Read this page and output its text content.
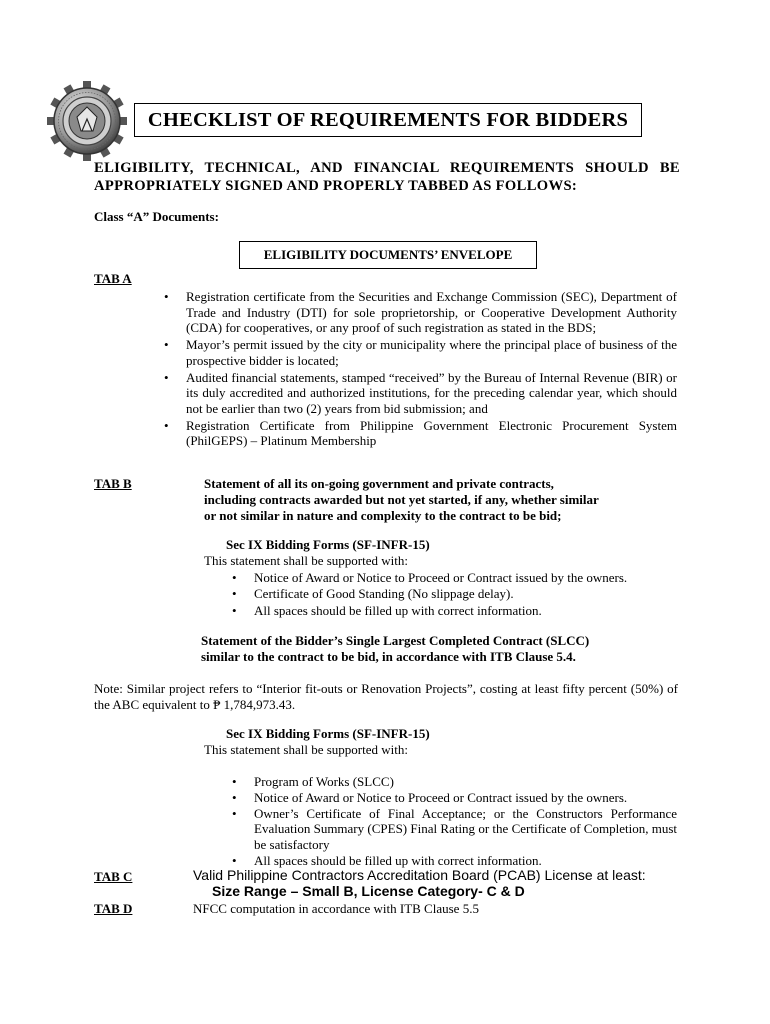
CHECKLIST OF REQUIREMENTS FOR BIDDERS
ELIGIBILITY, TECHNICAL, AND FINANCIAL REQUIREMENTS SHOULD BE APPROPRIATELY SIGNED AND PROPERLY TABBED AS FOLLOWS:
Class “A” Documents:
ELIGIBILITY DOCUMENTS’ ENVELOPE
TAB A
• Registration certificate from the Securities and Exchange Commission (SEC), Department of Trade and Industry (DTI) for sole proprietorship, or Cooperative Development Authority (CDA) for cooperatives, or any proof of such registration as stated in the BDS;
• Mayor’s permit issued by the city or municipality where the principal place of business of the prospective bidder is located;
• Audited financial statements, stamped “received” by the Bureau of Internal Revenue (BIR) or its duly accredited and authorized institutions, for the preceding calendar year, which should not be earlier than two (2) years from bid submission; and
• Registration Certificate from Philippine Government Electronic Procurement System (PhilGEPS) – Platinum Membership
TAB B	Statement of all its on-going government and private contracts,
including contracts awarded but not yet started, if any, whether similar
or not similar in nature and complexity to the contract to be bid;
Sec IX Bidding Forms (SF-INFR-15)
This statement shall be supported with:
• Notice of Award or Notice to Proceed or Contract issued by the owners.
• Certificate of Good Standing (No slippage delay).
• All spaces should be filled up with correct information.
Statement of the Bidder’s Single Largest Completed Contract (SLCC)
similar to the contract to be bid, in accordance with ITB Clause 5.4.
Note: Similar project refers to “Interior fit-outs or Renovation Projects”, costing at least fifty percent (50%) of the ABC equivalent to ₱ 1,784,973.43.
Sec IX Bidding Forms (SF-INFR-15)
This statement shall be supported with:
• Program of Works (SLCC)
• Notice of Award or Notice to Proceed or Contract issued by the owners.
• Owner’s Certificate of Final Acceptance; or the Constructors Performance Evaluation Summary (CPES) Final Rating or the Certificate of Completion, must be satisfactory
• All spaces should be filled up with correct information.
TAB C	Valid Philippine Contractors Accreditation Board (PCAB) License at least:
Size Range – Small B, License Category- C & D
TAB D	NFCC computation in accordance with ITB Clause 5.5
